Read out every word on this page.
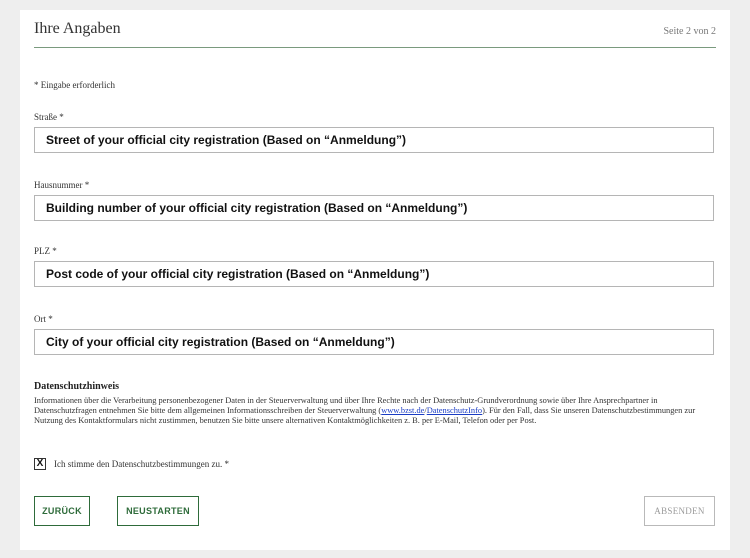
Ihre Angaben	Seite 2 von 2
* Eingabe erforderlich
Straße *
Street of your official city registration (Based on “Anmeldung”)
Hausnummer *
Building number of your official city registration (Based on “Anmeldung”)
PLZ *
Post code of your official city registration (Based on “Anmeldung”)
Ort *
City of your official city registration (Based on “Anmeldung”)
Datenschutzhinweis
Informationen über die Verarbeitung personenbezogener Daten in der Steuerverwaltung und über Ihre Rechte nach der Datenschutz-Grundverordnung sowie über Ihre Ansprechpartner in Datenschutzfragen entnehmen Sie bitte dem allgemeinen Informationsschreiben der Steuerverwaltung (www.bzst.de/DatenschutzInfo). Für den Fall, dass Sie unseren Datenschutzbestimmungen zur Nutzung des Kontaktformulars nicht zustimmen, benutzen Sie bitte unsere alternativen Kontaktmöglichkeiten z. B. per E-Mail, Telefon oder per Post.
X Ich stimme den Datenschutzbestimmungen zu. *
ZURÜCK	NEUSTARTEN	ABSENDEN
